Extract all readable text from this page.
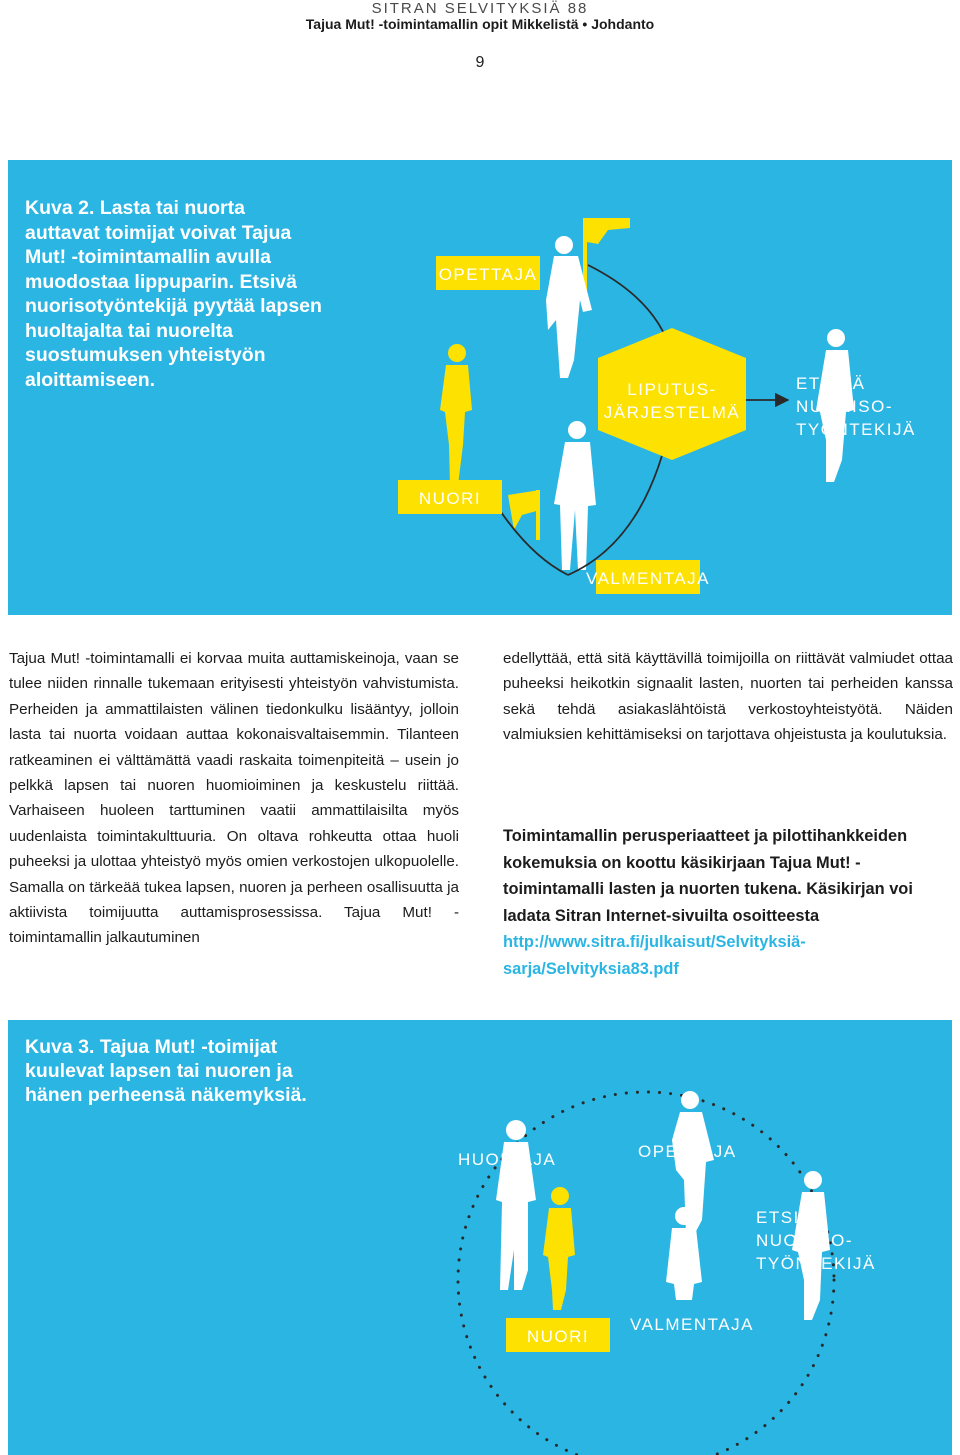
SITRAN SELVITYKSIÄ 88
Tajua Mut! -toimintamallin opit Mikkelistä • Johdanto
9
Kuva 2. Lasta tai nuorta auttavat toimijat voivat Tajua Mut! -toimintamallin avulla muodostaa lippuparin. Etsivä nuorisotyöntekijä pyytää lapsen huoltajalta tai nuorelta suostumuksen yhteistyön aloittamiseen.
OPETTAJA
LIPUTUS-
JÄRJESTELMÄ
ETSIVÄ
NUORISO-
TYÖNTEKIJÄ
NUORI
VALMENTAJA

Tajua Mut! -toimintamalli ei korvaa muita auttamiskeinoja, vaan se tulee niiden rinnalle tukemaan erityisesti yhteistyön vahvistumista. Perheiden ja ammattilaisten välinen tiedonkulku lisääntyy, jolloin lasta tai nuorta voidaan auttaa kokonaisvaltaisemmin. Tilanteen ratkeaminen ei välttämättä vaadi raskaita toimenpiteitä – usein jo pelkkä lapsen tai nuoren huomioiminen ja keskustelu riittää. Varhaiseen huoleen tarttuminen vaatii ammattilaisilta myös uudenlaista toimintakulttuuria. On oltava rohkeutta ottaa huoli puheeksi ja ulottaa yhteistyö myös omien verkostojen ulkopuolelle. Samalla on tärkeää tukea lapsen, nuoren ja perheen osallisuutta ja aktiivista toimijuutta auttamisprosessissa. Tajua Mut! -toimintamallin jalkautuminen

edellyttää, että sitä käyttävillä toimijoilla on riittävät valmiudet ottaa puheeksi heikotkin signaalit lasten, nuorten tai perheiden kanssa sekä tehdä asiakaslähtöistä verkostoyhteistyötä. Näiden valmiuksien kehittämiseksi on tarjottava ohjeistusta ja koulutuksia.

Toimintamallin perusperiaatteet ja pilottihankkeiden kokemuksia on koottu käsikirjaan Tajua Mut! -toimintamalli lasten ja nuorten tukena. Käsikirjan voi ladata Sitran Internet-sivuilta osoitteesta http://www.sitra.fi/julkaisut/Selvityksiä-sarja/Selvityksia83.pdf
Kuva 3. Tajua Mut! -toimijat kuulevat lapsen tai nuoren ja hänen perheensä näkemyksiä.
HUOLTAJA	OPETTAJA
ETSIVÄ
NUORISO-
TYÖNTEKIJÄ
NUORI
VALMENTAJA
